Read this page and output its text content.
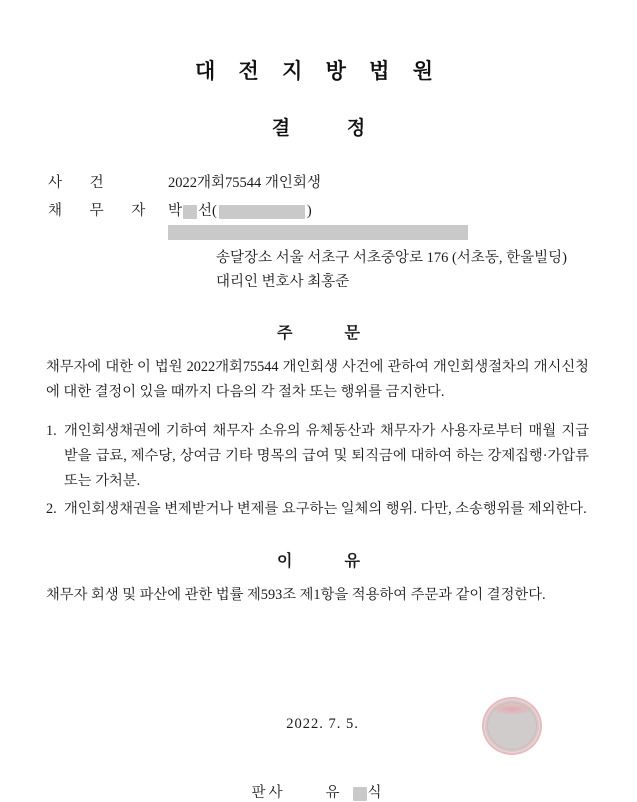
대 전 지 방 법 원
결 정
사 건	2022개회75544 개인회생
채 무 자 박 선(	)
송달장소 서울 서초구 서초중앙로 176 (서초동, 한울빌딩)
대리인 변호사 최홍준
주 문

채무자에 대한 이 법원 2022개회75544 개인회생 사건에 관하여 개인회생절차의 개시신청에 대한 결정이 있을 때까지 다음의 각 절차 또는 행위를 금지한다.

개인회생채권에 기하여 채무자 소유의 유체동산과 채무자가 사용자로부터 매월 지급받을 급료, 제수당, 상여금 기타 명목의 급여 및 퇴직금에 대하여 하는 강제집행·가압류 또는 가처분.
개인회생채권을 변제받거나 변제를 요구하는 일체의 행위. 다만, 소송행위를 제외한다.
이 유

채무자 회생 및 파산에 관한 법률 제593조 제1항을 적용하여 주문과 같이 결정한다.

2022. 7. 5.
판사	유 식
